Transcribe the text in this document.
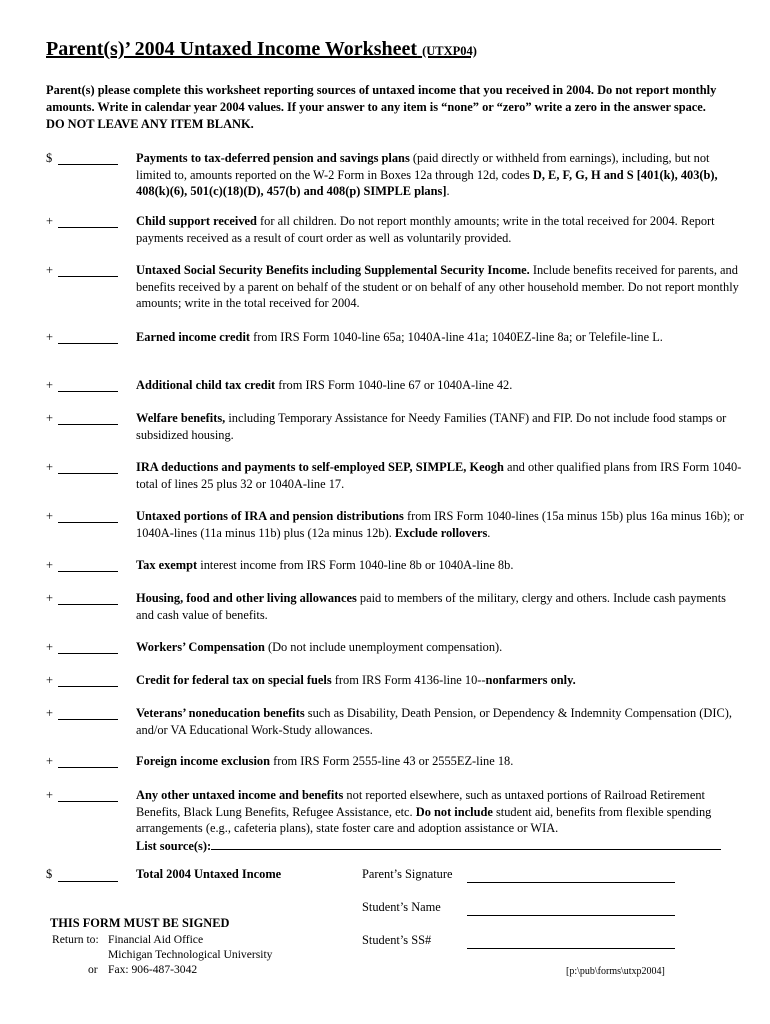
Parent(s)’ 2004 Untaxed Income Worksheet (UTXP04)
Parent(s) please complete this worksheet reporting sources of untaxed income that you received in 2004. Do not report monthly amounts. Write in calendar year 2004 values. If your answer to any item is “none” or “zero” write a zero in the answer space. DO NOT LEAVE ANY ITEM BLANK.
$	Payments to tax-deferred pension and savings plans (paid directly or withheld from earnings), including, but not limited to, amounts reported on the W-2 Form in Boxes 12a through 12d, codes D, E, F, G, H and S [401(k), 403(b), 408(k)(6), 501(c)(18)(D), 457(b) and 408(p) SIMPLE plans].
+	Child support received for all children. Do not report monthly amounts; write in the total received for 2004. Report payments received as a result of court order as well as voluntarily provided.
+	Untaxed Social Security Benefits including Supplemental Security Income. Include benefits received for parents, and benefits received by a parent on behalf of the student or on behalf of any other household member. Do not report monthly amounts; write in the total received for 2004.
+	Earned income credit from IRS Form 1040-line 65a; 1040A-line 41a; 1040EZ-line 8a; or Telefile-line L.
+	Additional child tax credit from IRS Form 1040-line 67 or 1040A-line 42.
+	Welfare benefits, including Temporary Assistance for Needy Families (TANF) and FIP. Do not include food stamps or subsidized housing.
+	IRA deductions and payments to self-employed SEP, SIMPLE, Keogh and other qualified plans from IRS Form 1040-total of lines 25 plus 32 or 1040A-line 17.
+	Untaxed portions of IRA and pension distributions from IRS Form 1040-lines (15a minus 15b) plus 16a minus 16b); or 1040A-lines (11a minus 11b) plus (12a minus 12b). Exclude rollovers.
+	Tax exempt interest income from IRS Form 1040-line 8b or 1040A-line 8b.
+	Housing, food and other living allowances paid to members of the military, clergy and others. Include cash payments and cash value of benefits.
+	Workers’ Compensation (Do not include unemployment compensation).
+	Credit for federal tax on special fuels from IRS Form 4136-line 10--nonfarmers only.
+	Veterans’ noneducation benefits such as Disability, Death Pension, or Dependency & Indemnity Compensation (DIC), and/or VA Educational Work-Study allowances.
+	Foreign income exclusion from IRS Form 2555-line 43 or 2555EZ-line 18.
+	Any other untaxed income and benefits not reported elsewhere, such as untaxed portions of Railroad Retirement Benefits, Black Lung Benefits, Refugee Assistance, etc. Do not include student aid, benefits from flexible spending arrangements (e.g., cafeteria plans), state foster care and adoption assistance or WIA.
List source(s):
$	Total 2004 Untaxed Income	Parent’s Signature
Student’s Name
Student’s SS#
THIS FORM MUST BE SIGNED
Return to: Financial Aid Office
Michigan Technological University
or Fax: 906-487-3042	[p:\pub\forms\utxp2004]
